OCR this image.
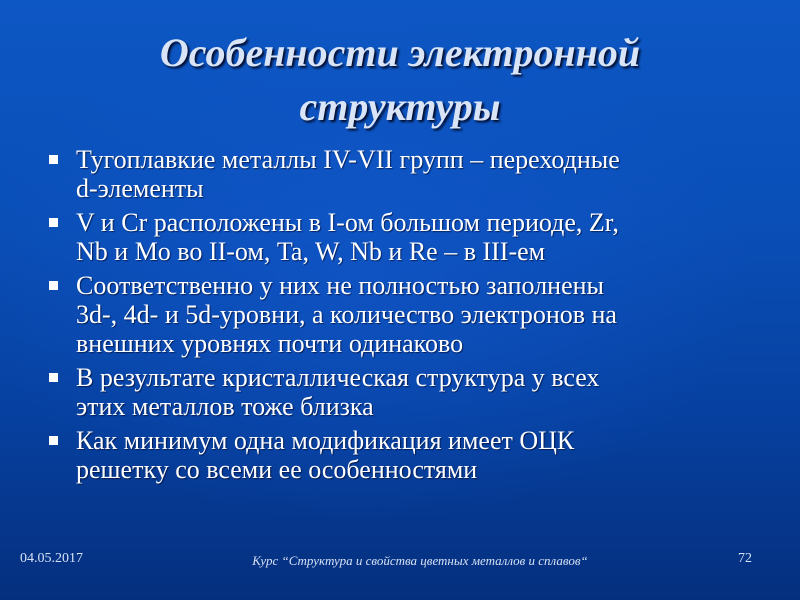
Особенности электронной
структуры
Тугоплавкие металлы IV-VII групп – переходные
d-элементы
V и Cr расположены в I-ом большом периоде, Zr,
Nb и Mo во II-ом, Ta, W, Nb и Re – в III-ем
Соответственно у них не полностью заполнены
3d-, 4d- и 5d-уровни, а количество электронов на
внешних уровнях почти одинаково
В результате кристаллическая структура у всех
этих металлов тоже близка
Как минимум одна модификация имеет ОЦК
решетку со всеми ее особенностями
04.05.2017	Курс “Структура и свойства цветных металлов и сплавов“	72
